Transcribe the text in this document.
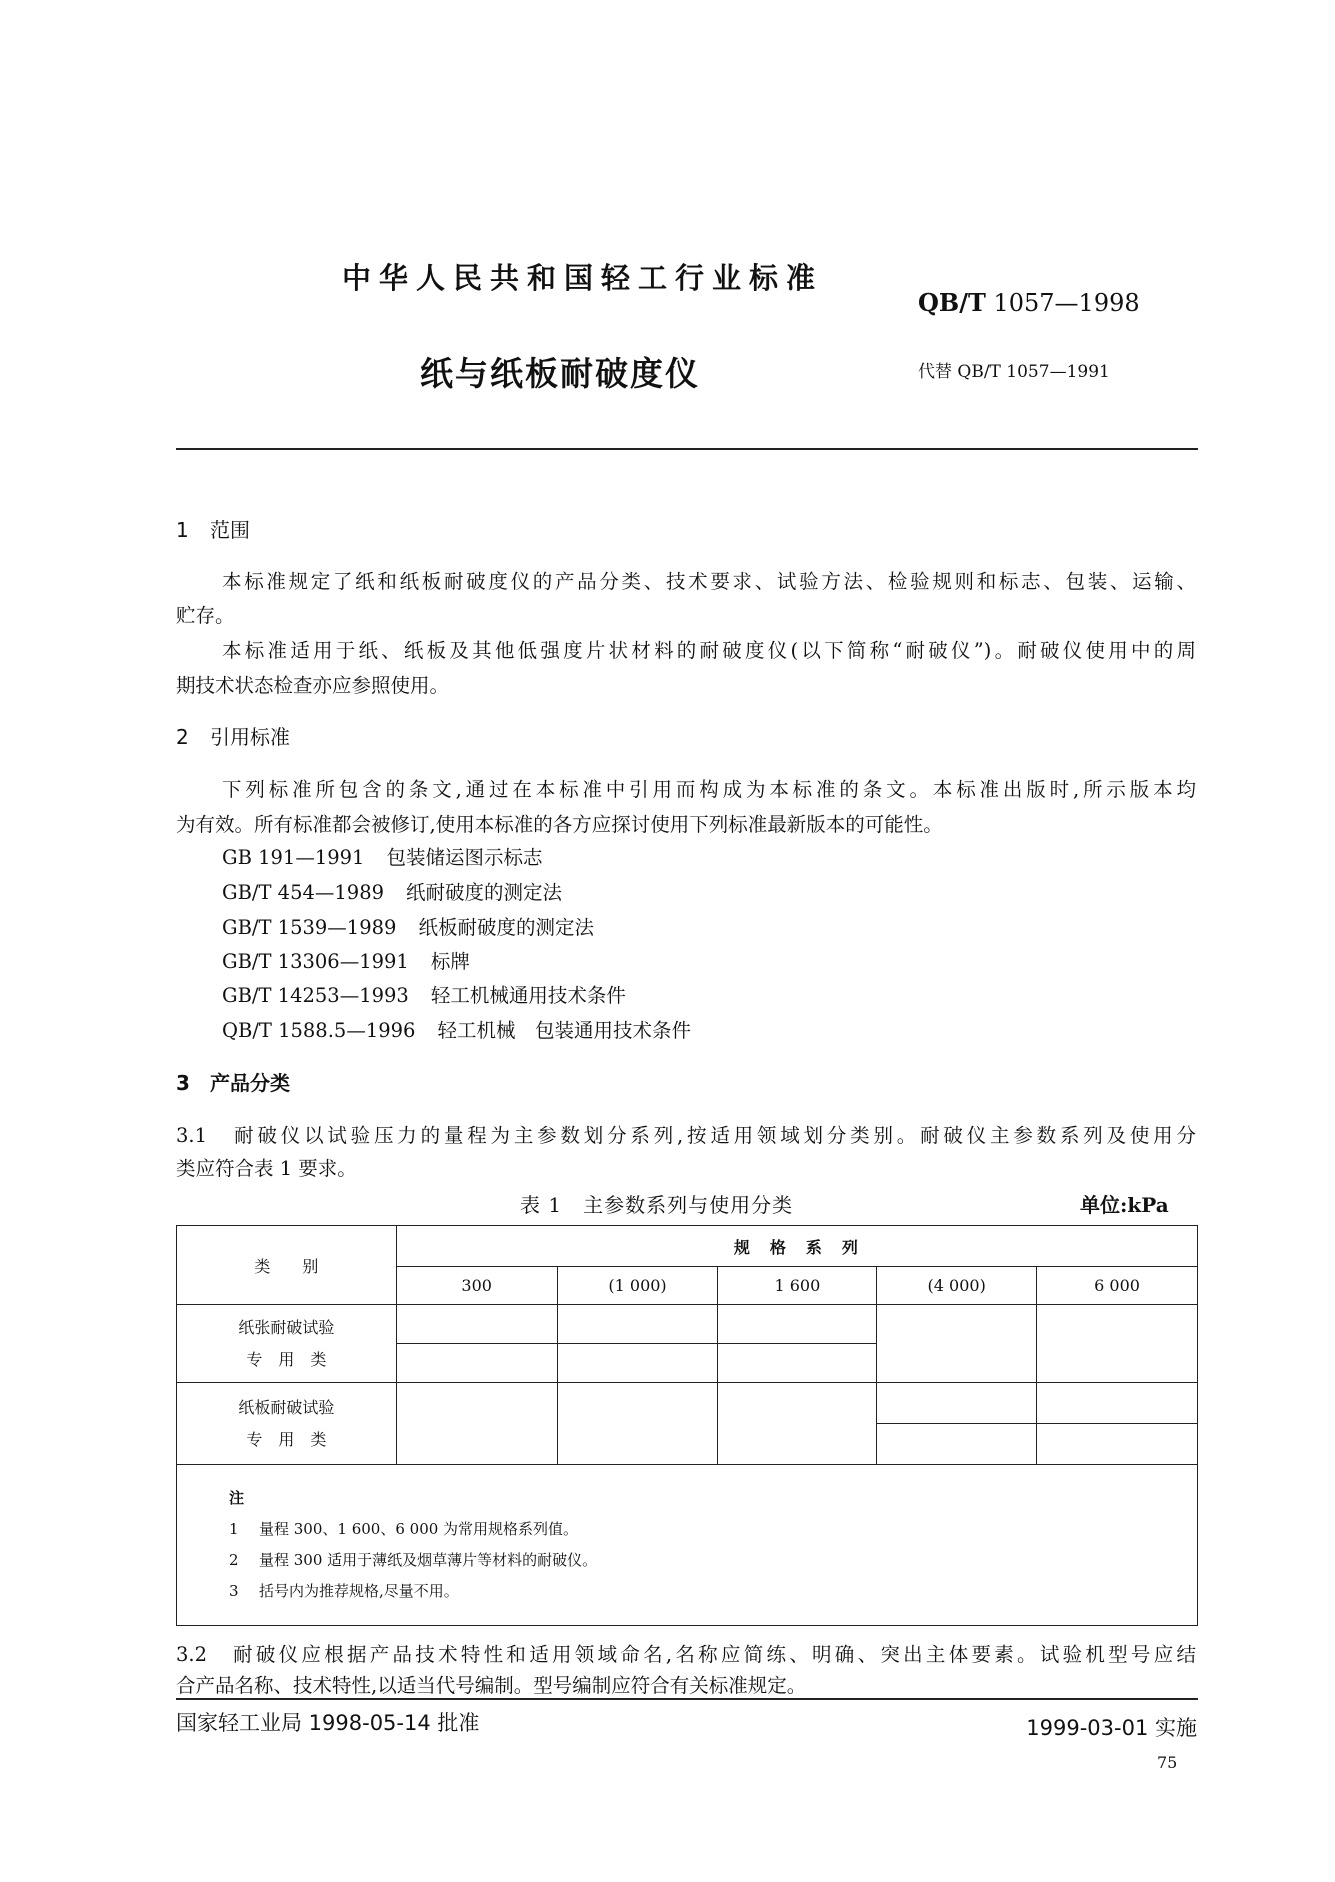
中华人民共和国轻工行业标准
QB/T 1057—1998
纸与纸板耐破度仪	代替 QB/T 1057—1991
1 范围
本标准规定了纸和纸板耐破度仪的产品分类、技术要求、试验方法、检验规则和标志、包装、运输、
贮存。
本标准适用于纸、纸板及其他低强度片状材料的耐破度仪(以下简称“耐破仪”)。耐破仪使用中的周
期技术状态检查亦应参照使用。
2 引用标准
下列标准所包含的条文,通过在本标准中引用而构成为本标准的条文。本标准出版时,所示版本均
为有效。所有标准都会被修订,使用本标准的各方应探讨使用下列标准最新版本的可能性。
GB 191—1991 包装储运图示标志
GB/T 454—1989 纸耐破度的测定法
GB/T 1539—1989 纸板耐破度的测定法
GB/T 13306—1991 标牌
GB/T 14253—1993 轻工机械通用技术条件
QB/T 1588.5—1996 轻工机械　包装通用技术条件
3 产品分类
3.1　 耐破仪以试验压力的量程为主参数划分系列,按适用领域划分类别。耐破仪主参数系列及使用分
类应符合表 1 要求。
表 1　主参数系列与使用分类	单位:kPa
类　　别	规　格　系　列				
	300	(1 000)	1 600	(4 000)	6 000
纸张耐破试验
专　用　类					

纸板耐破试验
专　用　类					

注

1 量程 300、1 600、6 000 为常用规格系列值。

2 量程 300 适用于薄纸及烟草薄片等材料的耐破仪。

3 括号内为推荐规格,尽量不用。					

3.2　 耐破仪应根据产品技术特性和适用领域命名,名称应简练、明确、突出主体要素。试验机型号应结
合产品名称、技术特性,以适当代号编制。型号编制应符合有关标准规定。
国家轻工业局 1998-05-14 批准	1999-03-01 实施
75
